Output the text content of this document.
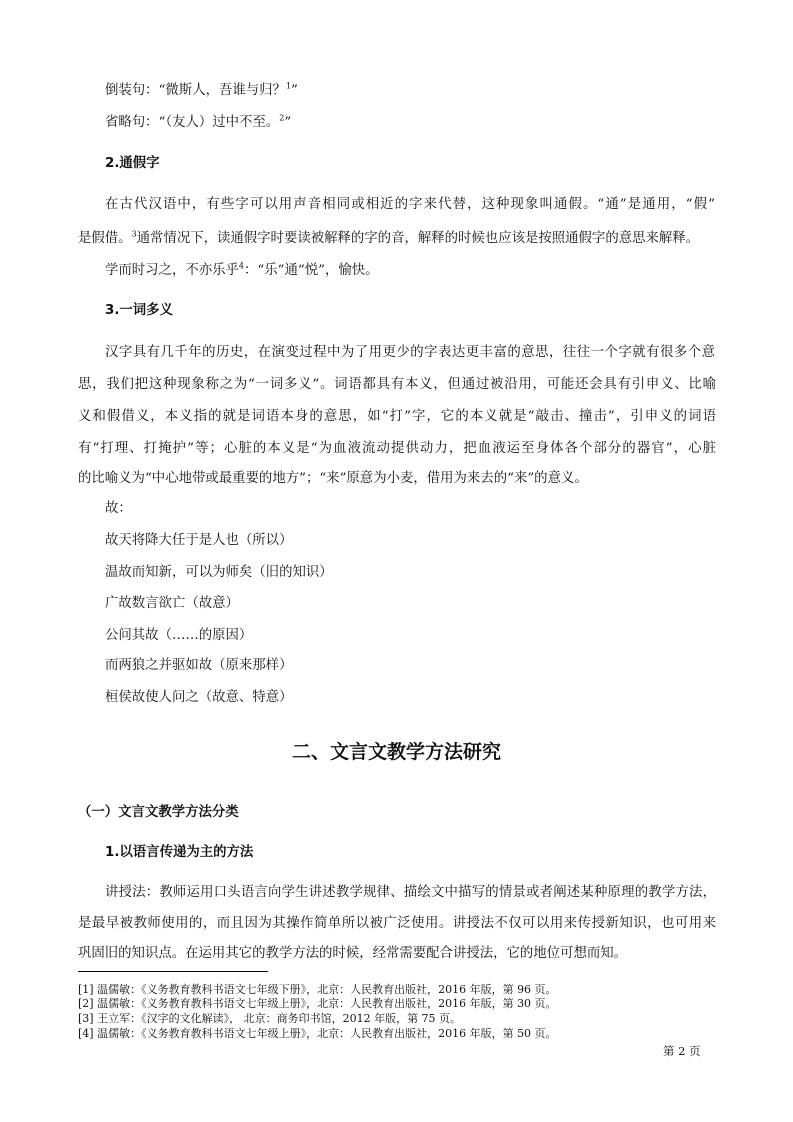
倒装句：“微斯人，吾谁与归？$^1$”
省略句：“（友人）过中不至。$^2$”
2.通假字
在古代汉语中，有些字可以用声音相同或相近的字来代替，这种现象叫通假。“通”是通用，“假”
是假借。$^3$通常情况下，读通假字时要读被解释的字的音，解释的时候也应该是按照通假字的意思来解释。
学而时习之，不亦乐乎$^4$：“乐”通“悦”，愉快。
3.一词多义
汉字具有几千年的历史，在演变过程中为了用更少的字表达更丰富的意思，往往一个字就有很多个意
思，我们把这种现象称之为“一词多义”。词语都具有本义，但通过被沿用，可能还会具有引申义、比喻
义和假借义，本义指的就是词语本身的意思，如“打”字，它的本义就是“敲击、撞击”，引申义的词语
有“打理、打掩护”等；心脏的本义是“为血液流动提供动力，把血液运至身体各个部分的器官”，心脏
的比喻义为“中心地带或最重要的地方”；“来”原意为小麦，借用为来去的“来”的意义。
故：
故天将降大任于是人也（所以）
温故而知新，可以为师矣（旧的知识）
广故数言欲亡（故意）
公问其故（……的原因）
而两狼之并驱如故（原来那样）
桓侯故使人问之（故意、特意）
二、文言文教学方法研究
（一）文言文教学方法分类
1.以语言传递为主的方法
讲授法：教师运用口头语言向学生讲述教学规律、描绘文中描写的情景或者阐述某种原理的教学方法，
是最早被教师使用的，而且因为其操作简单所以被广泛使用。讲授法不仅可以用来传授新知识，也可用来
巩固旧的知识点。在运用其它的教学方法的时候，经常需要配合讲授法，它的地位可想而知。
[1] 温儒敏：《义务教育教科书语文七年级下册》，北京：人民教育出版社，2016 年版，第 96 页。
[2] 温儒敏：《义务教育教科书语文七年级上册》，北京：人民教育出版社，2016 年版，第 30 页。
[3] 王立军：《汉字的文化解读》， 北京：商务印书馆，2012 年版，第 75 页。
[4] 温儒敏：《义务教育教科书语文七年级上册》，北京：人民教育出版社，2016 年版，第 50 页。
第 2 页
